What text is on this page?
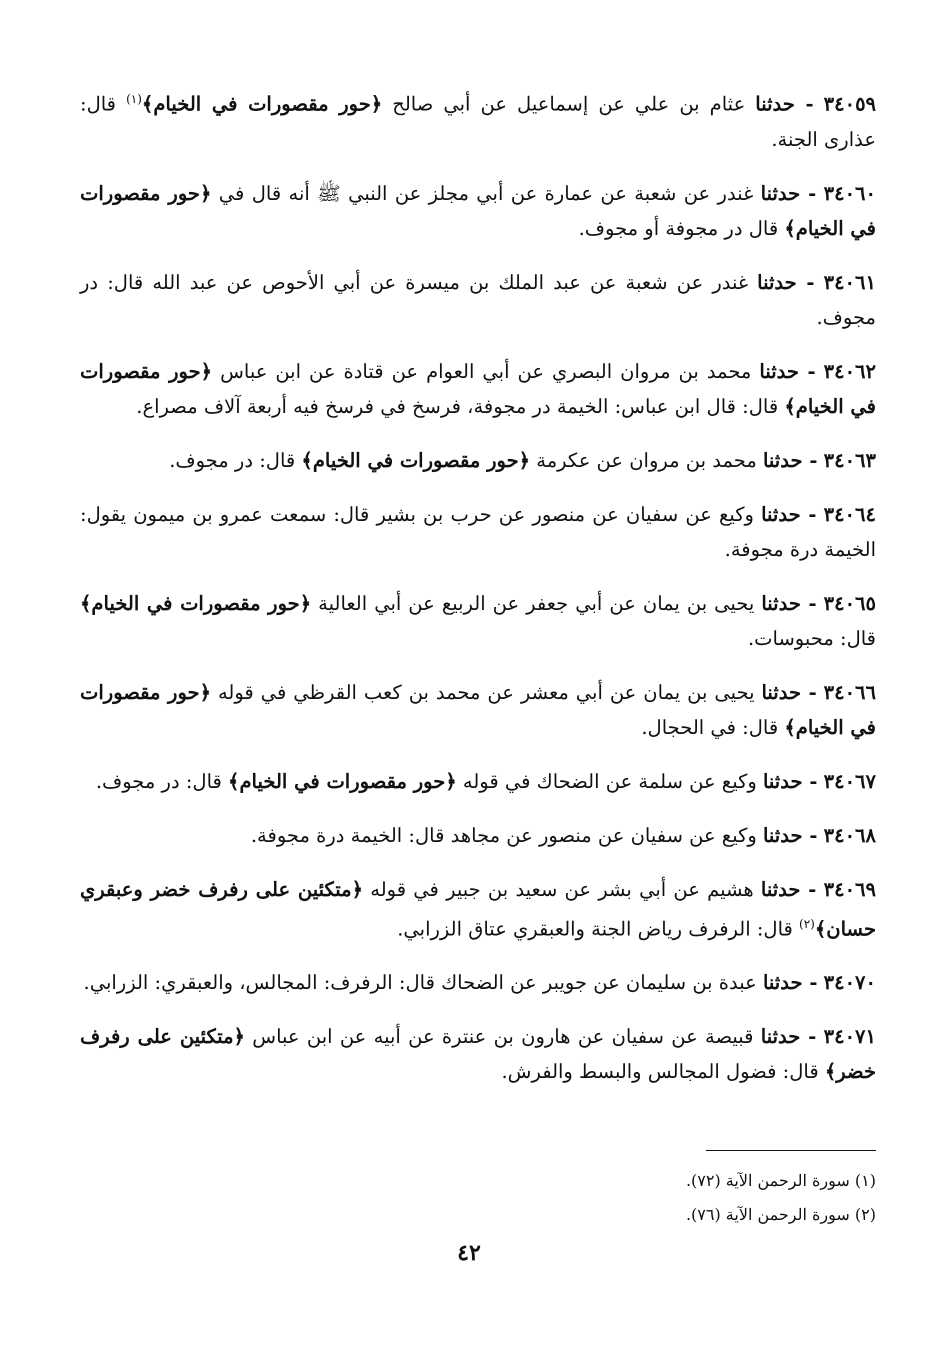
٣٤٠٥٩ - حدثنا عثام بن علي عن إسماعيل عن أبي صالح ﴿حور مقصورات في الخيام﴾$^{(١)}$ قال: عذارى الجنة.

٣٤٠٦٠ - حدثنا غندر عن شعبة عن عمارة عن أبي مجلز عن النبي ﷺ أنه قال في ﴿حور مقصورات في الخيام﴾ قال در مجوفة أو مجوف.

٣٤٠٦١ - حدثنا غندر عن شعبة عن عبد الملك بن ميسرة عن أبي الأحوص عن عبد الله قال: در مجوف.

٣٤٠٦٢ - حدثنا محمد بن مروان البصري عن أبي العوام عن قتادة عن ابن عباس ﴿حور مقصورات في الخيام﴾ قال: قال ابن عباس: الخيمة در مجوفة، فرسخ في فرسخ فيه أربعة آلاف مصراع.

٣٤٠٦٣ - حدثنا محمد بن مروان عن عكرمة ﴿حور مقصورات في الخيام﴾ قال: در مجوف.

٣٤٠٦٤ - حدثنا وكيع عن سفيان عن منصور عن حرب بن بشير قال: سمعت عمرو بن ميمون يقول: الخيمة درة مجوفة.

٣٤٠٦٥ - حدثنا يحيى بن يمان عن أبي جعفر عن الربيع عن أبي العالية ﴿حور مقصورات في الخيام﴾ قال: محبوسات.

٣٤٠٦٦ - حدثنا يحيى بن يمان عن أبي معشر عن محمد بن كعب القرظي في قوله ﴿حور مقصورات في الخيام﴾ قال: في الحجال.

٣٤٠٦٧ - حدثنا وكيع عن سلمة عن الضحاك في قوله ﴿حور مقصورات في الخيام﴾ قال: در مجوف.

٣٤٠٦٨ - حدثنا وكيع عن سفيان عن منصور عن مجاهد قال: الخيمة درة مجوفة.

٣٤٠٦٩ - حدثنا هشيم عن أبي بشر عن سعيد بن جبير في قوله ﴿متكئين على رفرف خضر وعبقري حسان﴾$^{(٢)}$ قال: الرفرف رياض الجنة والعبقري عتاق الزرابي.

٣٤٠٧٠ - حدثنا عبدة بن سليمان عن جويبر عن الضحاك قال: الرفرف: المجالس، والعبقري: الزرابي.

٣٤٠٧١ - حدثنا قبيصة عن سفيان عن هارون بن عنترة عن أبيه عن ابن عباس ﴿متكئين على رفرف خضر﴾ قال: فضول المجالس والبسط والفرش.

(١) سورة الرحمن الآية (٧٢).
(٢) سورة الرحمن الآية (٧٦).
٤٢
